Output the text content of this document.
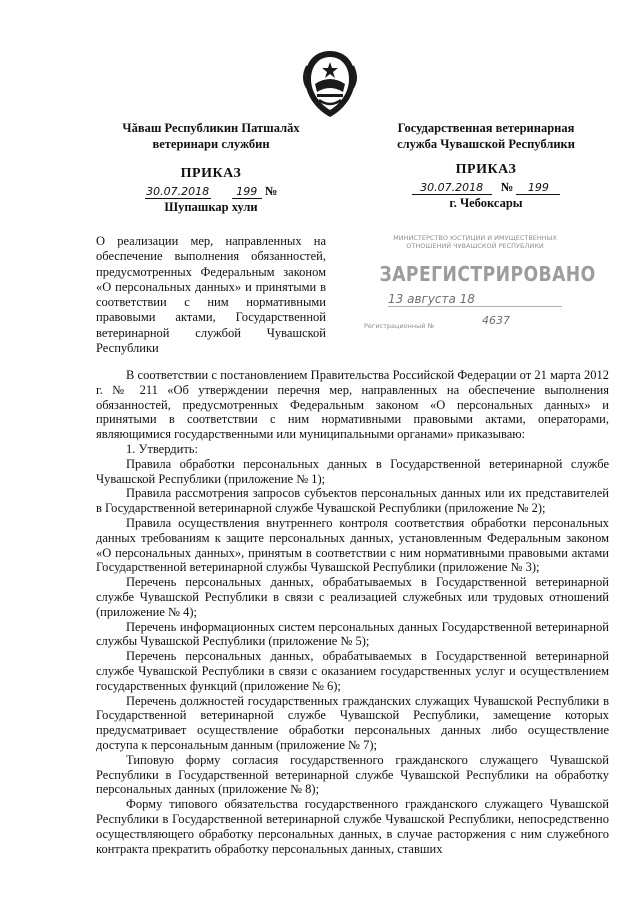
Чăваш Республикин Патшалăх
ветеринари службин
ПРИКАЗ
30.07.2018 199 №
Шупашкар хули
Государственная ветеринарная
служба Чувашской Республики
ПРИКАЗ
30.07.2018 № 199
г. Чебоксары
О реализации мер, направленных на обеспечение выполнения обязанностей, предусмотренных Федеральным законом «О персональных данных» и принятыми в соответствии с ним нормативными правовыми актами, Государственной ветеринарной службой Чувашской Республики
МИНИСТЕРСТВО ЮСТИЦИИ И ИМУЩЕСТВЕННЫХ
ОТНОШЕНИЙ ЧУВАШСКОЙ РЕСПУБЛИКИ
ЗАРЕГИСТРИРОВАНО
13 августа 18
Регистрационный №	4637

В соответствии с постановлением Правительства Российской Федерации от 21 марта 2012 г. № 211 «Об утверждении перечня мер, направленных на обеспечение выполнения обязанностей, предусмотренных Федеральным законом «О персональных данных» и принятыми в соответствии с ним нормативными правовыми актами, операторами, являющимися государственными или муниципальными органами» приказываю:

1. Утвердить:

Правила обработки персональных данных в Государственной ветеринарной службе Чувашской Республики (приложение № 1);

Правила рассмотрения запросов субъектов персональных данных или их представителей в Государственной ветеринарной службе Чувашской Республики (приложение № 2);

Правила осуществления внутреннего контроля соответствия обработки персональных данных требованиям к защите персональных данных, установленным Федеральным законом «О персональных данных», принятым в соответствии с ним нормативными правовыми актами Государственной ветеринарной службы Чувашской Республики (приложение № 3);

Перечень персональных данных, обрабатываемых в Государственной ветеринарной службе Чувашской Республики в связи с реализацией служебных или трудовых отношений (приложение № 4);

Перечень информационных систем персональных данных Государственной ветеринарной службы Чувашской Республики (приложение № 5);

Перечень персональных данных, обрабатываемых в Государственной ветеринарной службе Чувашской Республики в связи с оказанием государственных услуг и осуществлением государственных функций (приложение № 6);

Перечень должностей государственных гражданских служащих Чувашской Республики в Государственной ветеринарной службе Чувашской Республики, замещение которых предусматривает осуществление обработки персональных данных либо осуществление доступа к персональным данным (приложение № 7);

Типовую форму согласия государственного гражданского служащего Чувашской Республики в Государственной ветеринарной службе Чувашской Республики на обработку персональных данных (приложение № 8);

Форму типового обязательства государственного гражданского служащего Чувашской Республики в Государственной ветеринарной службе Чувашской Республики, непосредственно осуществляющего обработку персональных данных, в случае расторжения с ним служебного контракта прекратить обработку персональных данных, ставших
